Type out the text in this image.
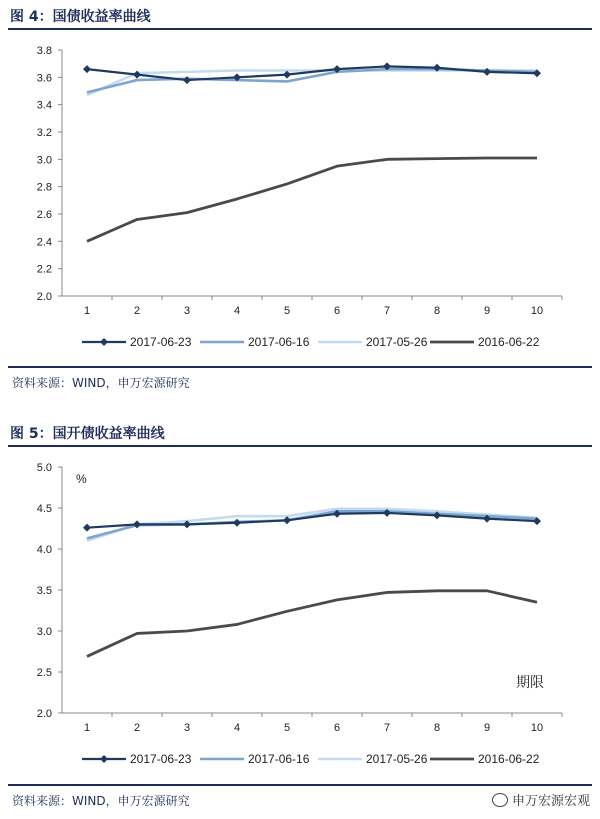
图 4：国债收益率曲线
2.0
2.2
2.4
2.6
2.8
3.0
3.2
3.4
3.6
3.8
1	2	3	4	5	6	7	8	9	10
2017-06-23	2017-06-16	2017-05-26	2016-06-22
资料来源：WIND，申万宏源研究
图 5：国开债收益率曲线
2.0
2.5
3.0
3.5
4.0
4.5
5.0
1	2	3	4	5	6	7	8	9	10
%
期限
2017-06-23	2017-06-16	2017-05-26	2016-06-22
资料来源：WIND，申万宏源研究	申万宏源宏观
